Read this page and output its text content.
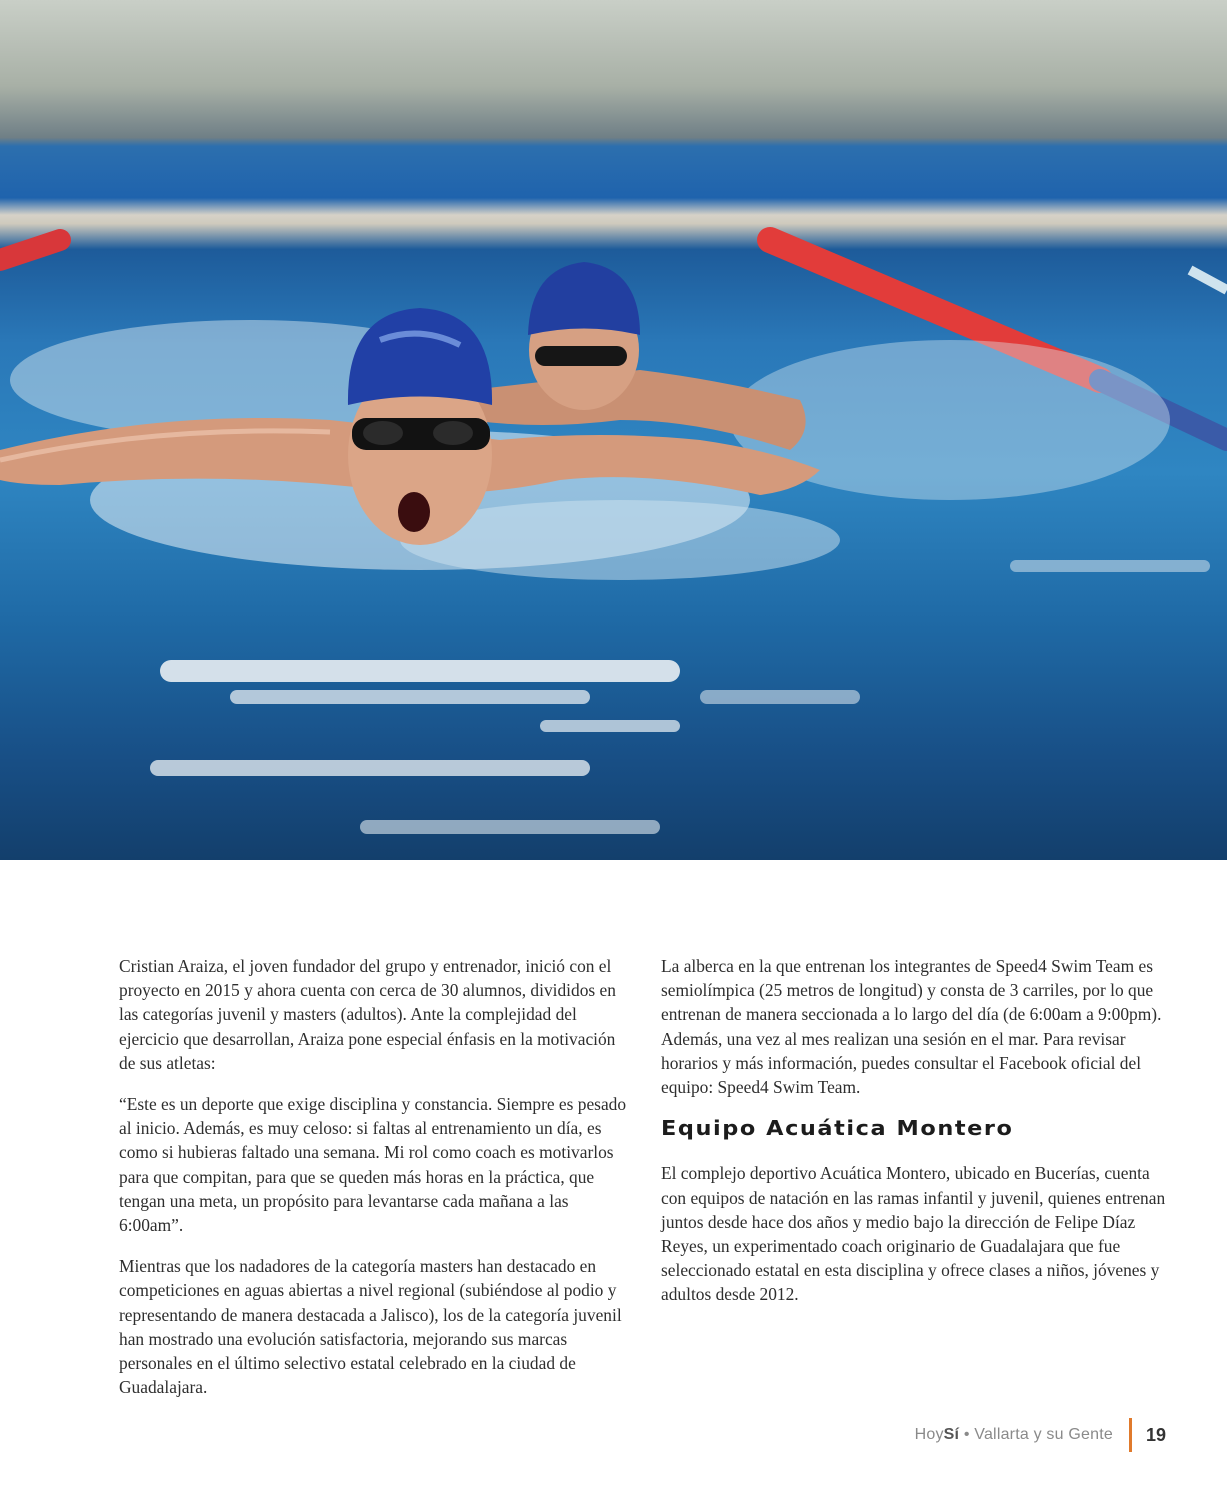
Cristian Araiza, el joven fundador del grupo y entrenador, inició con el proyecto en 2015 y ahora cuenta con cerca de 30 alumnos, divididos en las categorías juvenil y masters (adultos). Ante la complejidad del ejercicio que desarrollan, Araiza pone especial énfasis en la motivación de sus atletas:

“Este es un deporte que exige disciplina y constancia. Siempre es pesado al inicio. Además, es muy celoso: si faltas al entrenamiento un día, es como si hubieras faltado una semana. Mi rol como coach es motivarlos para que compitan, para que se queden más horas en la práctica, que tengan una meta, un propósito para levantarse cada mañana a las 6:00am”.

Mientras que los nadadores de la categoría masters han destacado en competiciones en aguas abiertas a nivel regional (subiéndose al podio y representando de manera destacada a Jalisco), los de la categoría juvenil han mostrado una evolución satisfactoria, mejorando sus marcas personales en el último selectivo estatal celebrado en la ciudad de Guadalajara.

La alberca en la que entrenan los integrantes de Speed4 Swim Team es semiolímpica (25 metros de longitud) y consta de 3 carriles, por lo que entrenan de manera seccionada a lo largo del día (de 6:00am a 9:00pm). Además, una vez al mes realizan una sesión en el mar. Para revisar horarios y más información, puedes consultar el Facebook oficial del equipo: Speed4 Swim Team.

Equipo Acuática Montero

El complejo deportivo Acuática Montero, ubicado en Bucerías, cuenta con equipos de natación en las ramas infantil y juvenil, quienes entrenan juntos desde hace dos años y medio bajo la dirección de Felipe Díaz Reyes, un experimentado coach originario de Guadalajara que fue seleccionado estatal en esta disciplina y ofrece clases a niños, jóvenes y adultos desde 2012.

HoySí • Vallarta y su Gente 19
